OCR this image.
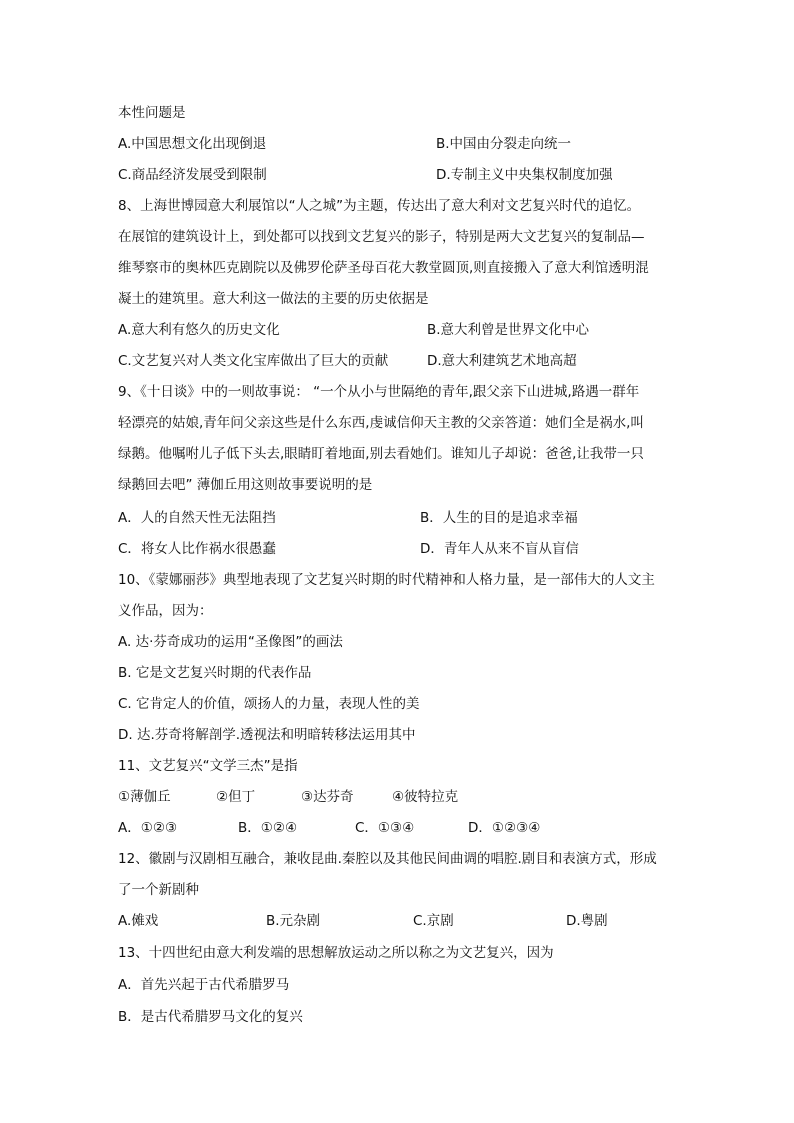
本性问题是
A.中国思想文化出现倒退	B.中国由分裂走向统一
C.商品经济发展受到限制	D.专制主义中央集权制度加强
8、上海世博园意大利展馆以“人之城”为主题，传达出了意大利对文艺复兴时代的追忆。
在展馆的建筑设计上，到处都可以找到文艺复兴的影子，特别是两大文艺复兴的复制品—
维琴察市的奥林匹克剧院以及佛罗伦萨圣母百花大教堂圆顶,则直接搬入了意大利馆透明混
凝土的建筑里。意大利这一做法的主要的历史依据是
A.意大利有悠久的历史文化	B.意大利曾是世界文化中心
C.文艺复兴对人类文化宝库做出了巨大的贡献	D.意大利建筑艺术地高超
9、《十日谈》中的一则故事说： “一个从小与世隔绝的青年,跟父亲下山进城,路遇一群年
轻漂亮的姑娘,青年问父亲这些是什么东西,虔诚信仰天主教的父亲答道：她们全是祸水,叫
绿鹅。他嘱咐儿子低下头去,眼睛盯着地面,别去看她们。谁知儿子却说：爸爸,让我带一只
绿鹅回去吧” 薄伽丘用这则故事要说明的是
A．人的自然天性无法阻挡	B．人生的目的是追求幸福
C．将女人比作祸水很愚蠢	D．青年人从来不盲从盲信
10、《蒙娜丽莎》典型地表现了文艺复兴时期的时代精神和人格力量，是一部伟大的人文主
义作品，因为：
A. 达·芬奇成功的运用“圣像图”的画法
B. 它是文艺复兴时期的代表作品
C. 它肯定人的价值，颂扬人的力量，表现人性的美
D. 达.芬奇将解剖学.透视法和明暗转移法运用其中
11、文艺复兴“文学三杰”是指
①薄伽丘	②但丁	③达芬奇	④彼特拉克
A．①②③	B．①②④	C．①③④	D．①②③④
12、徽剧与汉剧相互融合，兼收昆曲.秦腔以及其他民间曲调的唱腔.剧目和表演方式，形成
了一个新剧种
A.傩戏	B.元杂剧	C.京剧	D.粤剧
13、十四世纪由意大利发端的思想解放运动之所以称之为文艺复兴，因为
A．首先兴起于古代希腊罗马
B．是古代希腊罗马文化的复兴
